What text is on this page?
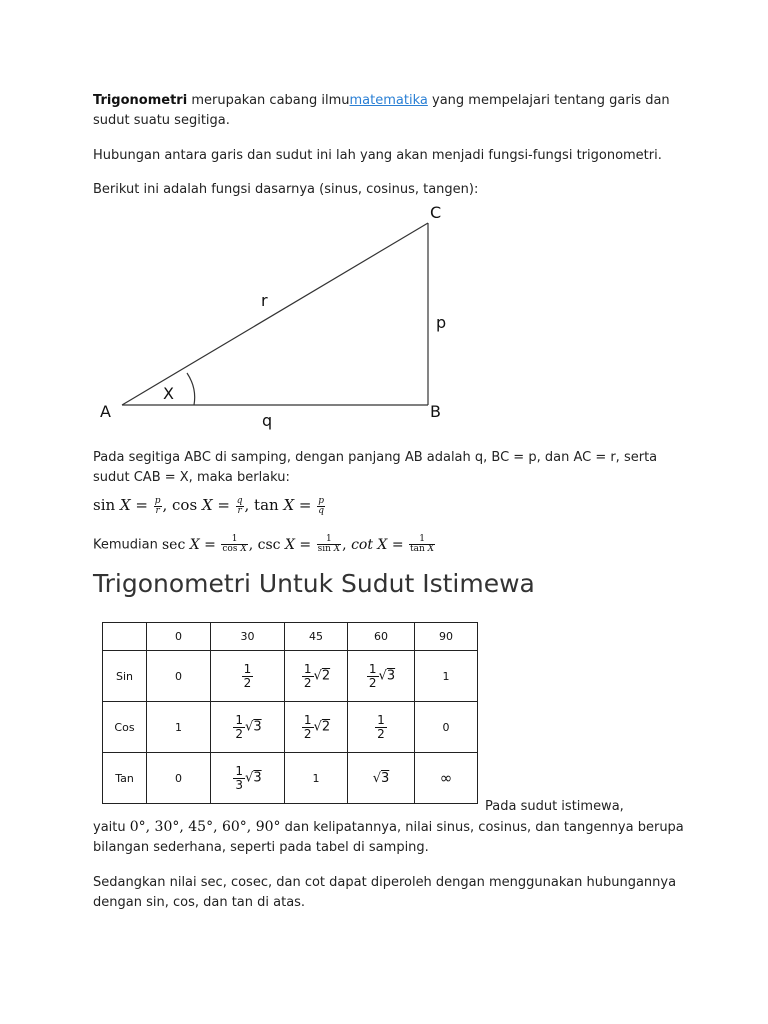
Trigonometri merupakan cabang ilmumatematika yang mempelajari tentang garis dan
sudut suatu segitiga.
Hubungan antara garis dan sudut ini lah yang akan menjadi fungsi-fungsi trigonometri.
Berikut ini adalah fungsi dasarnya (sinus, cosinus, tangen):
A	B
C
r
p
q
X
Pada segitiga ABC di samping, dengan panjang AB adalah q, BC = p, dan AC = r, serta
sudut CAB = X, maka berlaku:
$\sin X = \frac{p}{r}$ , $\cos X = \frac{q}{r}$ , $\tan X = \frac{p}{q}$
Kemudian $\sec X = \frac{1}{\text{cos X}}$ , $\csc X = \frac{1}{\text{sin X}}$ , $\cot X = \frac{1}{\text{tan X}}$
Trigonometri Untuk Sudut Istimewa
	0	30	45	60	90
Sin	0	$\frac{1}{2}$	$\frac{1}{2} √2$	$\frac{1}{2} √3$	1
Cos	1	$\frac{1}{2} √3$	$\frac{1}{2} √2$	$\frac{1}{2}$	0
Tan	0	$\frac{1}{3} √3$	1	√3	∞
Pada sudut istimewa,
yaitu 0°, 30°, 45°, 60°, 90° dan kelipatannya, nilai sinus, cosinus, dan tangennya berupa
bilangan sederhana, seperti pada tabel di samping.
Sedangkan nilai sec, cosec, dan cot dapat diperoleh dengan menggunakan hubungannya
dengan sin, cos, dan tan di atas.
